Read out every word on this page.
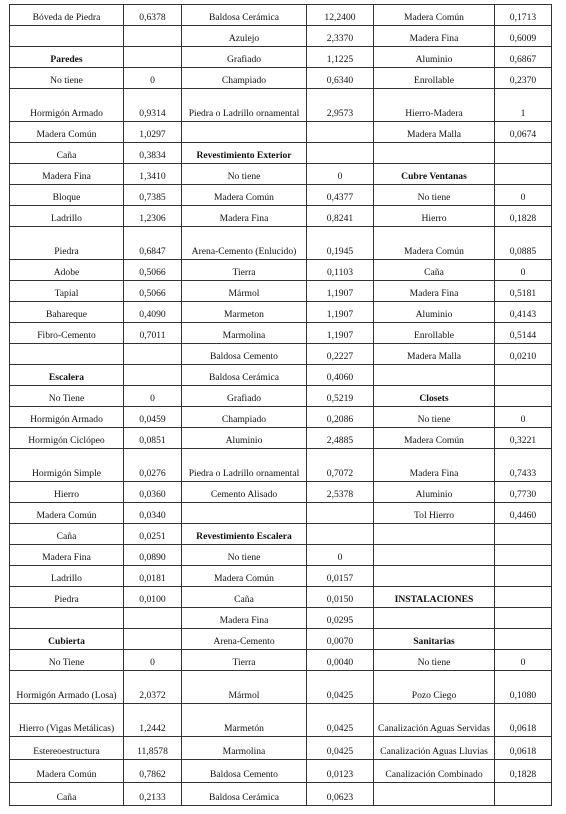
Bóveda de Piedra	0,6378	Baldosa Cerámica	12,2400	Madera Común	0,1713
		Azulejo	2,3370	Madera Fina	0,6009
Paredes		Grafiado	1,1225	Aluminio	0,6867
No tiene	0	Champiado	0,6340	Enrollable	0,2370
Hormigón Armado	0,9314	Piedra o Ladrillo ornamental	2,9573	Hierro-Madera	1
Madera Común	1,0297			Madera Malla	0,0674
Caña	0,3834	Revestimiento Exterior			
Madera Fina	1,3410	No tiene	0	Cubre Ventanas	
Bloque	0,7385	Madera Común	0,4377	No tiene	0
Ladrillo	1,2306	Madera Fina	0,8241	Hierro	0,1828
Piedra	0,6847	Arena-Cemento (Enlucido)	0,1945	Madera Común	0,0885
Adobe	0,5066	Tierra	0,1103	Caña	0
Tapial	0,5066	Mármol	1,1907	Madera Fina	0,5181
Bahareque	0,4090	Marmeton	1,1907	Aluminio	0,4143
Fibro-Cemento	0,7011	Marmolina	1,1907	Enrollable	0,5144
		Baldosa Cemento	0,2227	Madera Malla	0,0210
Escalera		Baldosa Cerámica	0,4060		
No Tiene	0	Grafiado	0,5219	Closets	
Hormigón Armado	0,0459	Champiado	0,2086	No tiene	0
Hormigón Ciclópeo	0,0851	Aluminio	2,4885	Madera Común	0,3221
Hormigón Simple	0,0276	Piedra o Ladrillo ornamental	0,7072	Madera Fina	0,7433
Hierro	0,0360	Cemento Alisado	2,5378	Aluminio	0,7730
Madera Común	0,0340			Tol Hierro	0,4460
Caña	0,0251	Revestimiento Escalera			
Madera Fina	0,0890	No tiene	0		
Ladrillo	0,0181	Madera Común	0,0157		
Piedra	0,0100	Caña	0,0150	INSTALACIONES	
		Madera Fina	0,0295		
Cubierta		Arena-Cemento	0,0070	Sanitarias	
No Tiene	0	Tierra	0,0040	No tiene	0
Hormigón Armado (Losa)	2,0372	Mármol	0,0425	Pozo Ciego	0,1080
Hierro (Vigas Metálicas)	1,2442	Marmetón	0,0425	Canalización Aguas Servidas	0,0618
Estereoestructura	11,8578	Marmolina	0,0425	Canalización Aguas Lluvias	0,0618
Madera Común	0,7862	Baldosa Cemento	0,0123	Canalización Combinado	0,1828
Caña	0,2133	Baldosa Cerámica	0,0623		
